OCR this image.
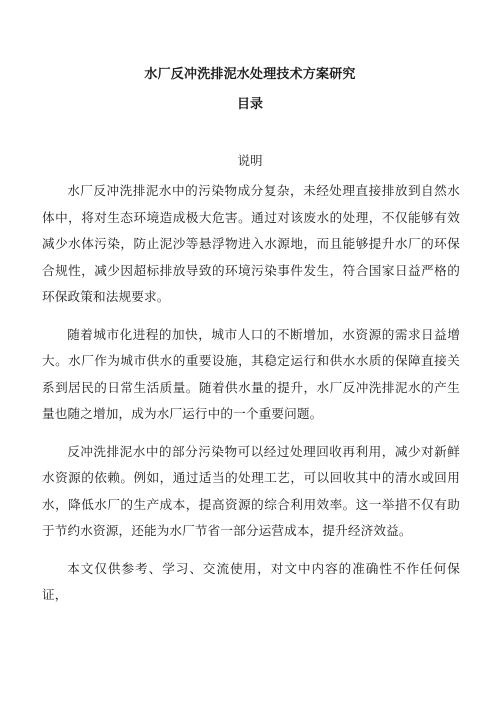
水厂反冲洗排泥水处理技术方案研究
目录
说明

水厂反冲洗排泥水中的污染物成分复杂，未经处理直接排放到自然水体中，将对生态环境造成极大危害。通过对该废水的处理，不仅能够有效减少水体污染，防止泥沙等悬浮物进入水源地，而且能够提升水厂的环保合规性，减少因超标排放导致的环境污染事件发生，符合国家日益严格的环保政策和法规要求。

随着城市化进程的加快，城市人口的不断增加，水资源的需求日益增大。水厂作为城市供水的重要设施，其稳定运行和供水水质的保障直接关系到居民的日常生活质量。随着供水量的提升，水厂反冲洗排泥水的产生量也随之增加，成为水厂运行中的一个重要问题。

反冲洗排泥水中的部分污染物可以经过处理回收再利用，减少对新鲜水资源的依赖。例如，通过适当的处理工艺，可以回收其中的清水或回用水，降低水厂的生产成本，提高资源的综合利用效率。这一举措不仅有助于节约水资源，还能为水厂节省一部分运营成本，提升经济效益。

本文仅供参考、学习、交流使用，对文中内容的准确性不作任何保证，
